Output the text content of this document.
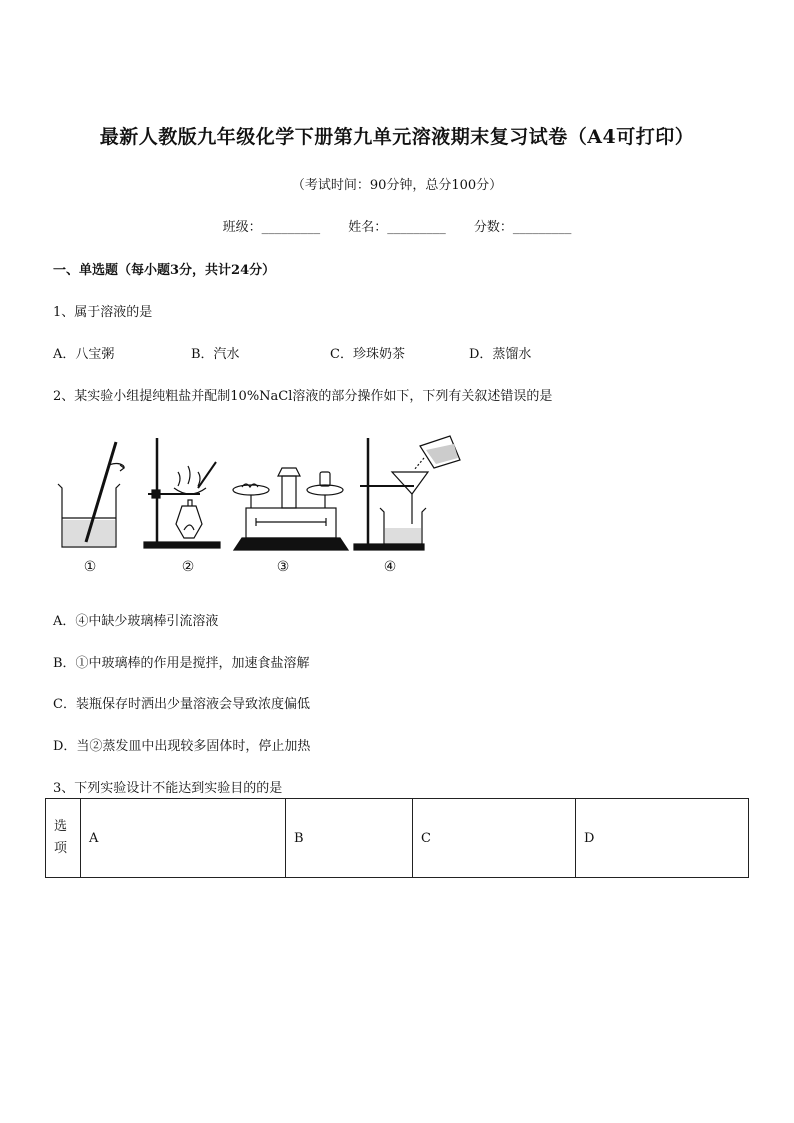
最新人教版九年级化学下册第九单元溶液期末复习试卷（A4可打印）
（考试时间：90分钟，总分100分）
班级：_________ 姓名：_________ 分数：_________
一、单选题（每小题3分，共计24分）
1、属于溶液的是
A．八宝粥	B．汽水	C．珍珠奶茶	D．蒸馏水
2、某实验小组提纯粗盐并配制10%NaCl溶液的部分操作如下，下列有关叙述错误的是
①	②	③	④
A．④中缺少玻璃棒引流溶液
B．①中玻璃棒的作用是搅拌，加速食盐溶解
C．装瓶保存时洒出少量溶液会导致浓度偏低
D．当②蒸发皿中出现较多固体时，停止加热
3、下列实验设计不能达到实验目的的是
选
项
	A	B	C	D
